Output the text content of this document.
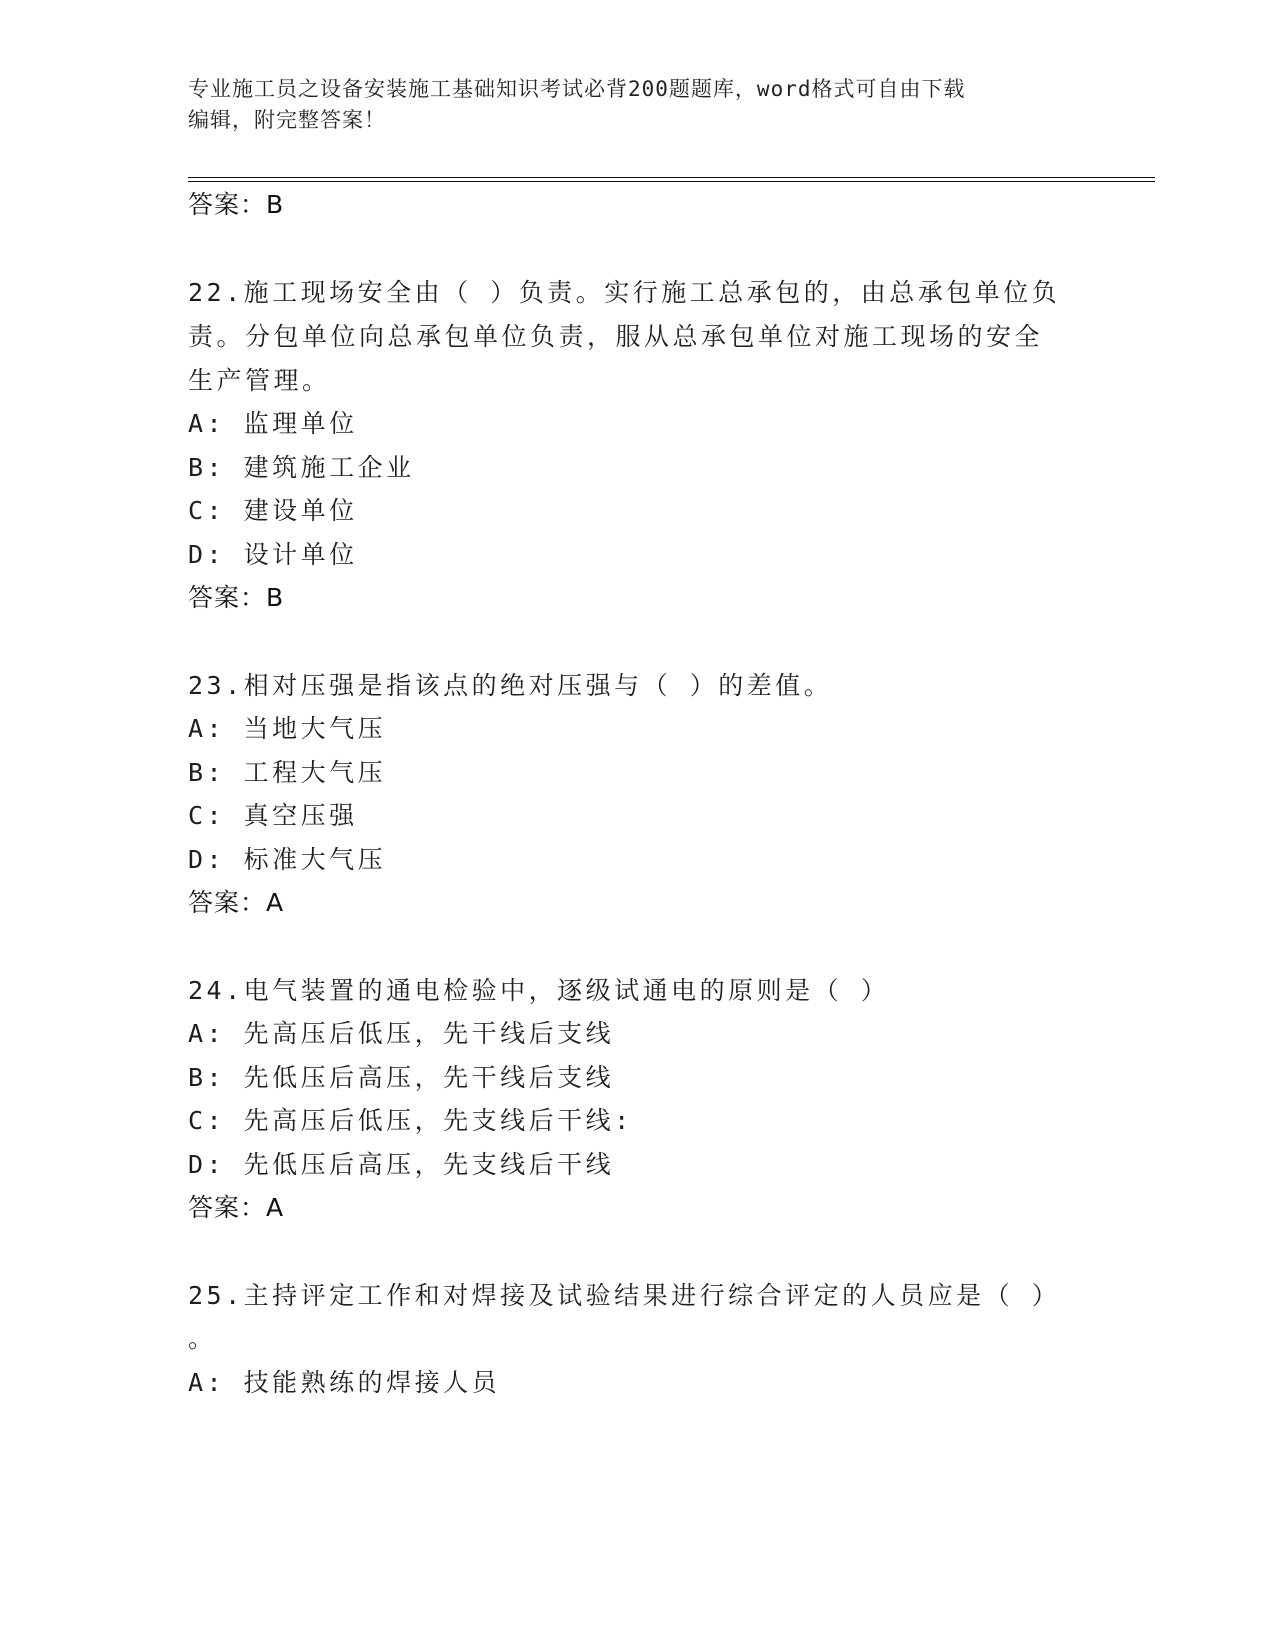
专业施工员之设备安装施工基础知识考试必背200题题库，word格式可自由下载
编辑，附完整答案！
答案：B
22.施工现场安全由（ ）负责。实行施工总承包的，由总承包单位负
责。分包单位向总承包单位负责，服从总承包单位对施工现场的安全
生产管理。
A: 监理单位
B: 建筑施工企业
C: 建设单位
D: 设计单位
答案：B
23.相对压强是指该点的绝对压强与（ ）的差值。
A: 当地大气压
B: 工程大气压
C: 真空压强
D: 标准大气压
答案：A
24.电气装置的通电检验中，逐级试通电的原则是（ ）
A: 先高压后低压，先干线后支线
B: 先低压后高压，先干线后支线
C: 先高压后低压，先支线后干线:
D: 先低压后高压，先支线后干线
答案：A
25.主持评定工作和对焊接及试验结果进行综合评定的人员应是（ ）
。
A: 技能熟练的焊接人员
